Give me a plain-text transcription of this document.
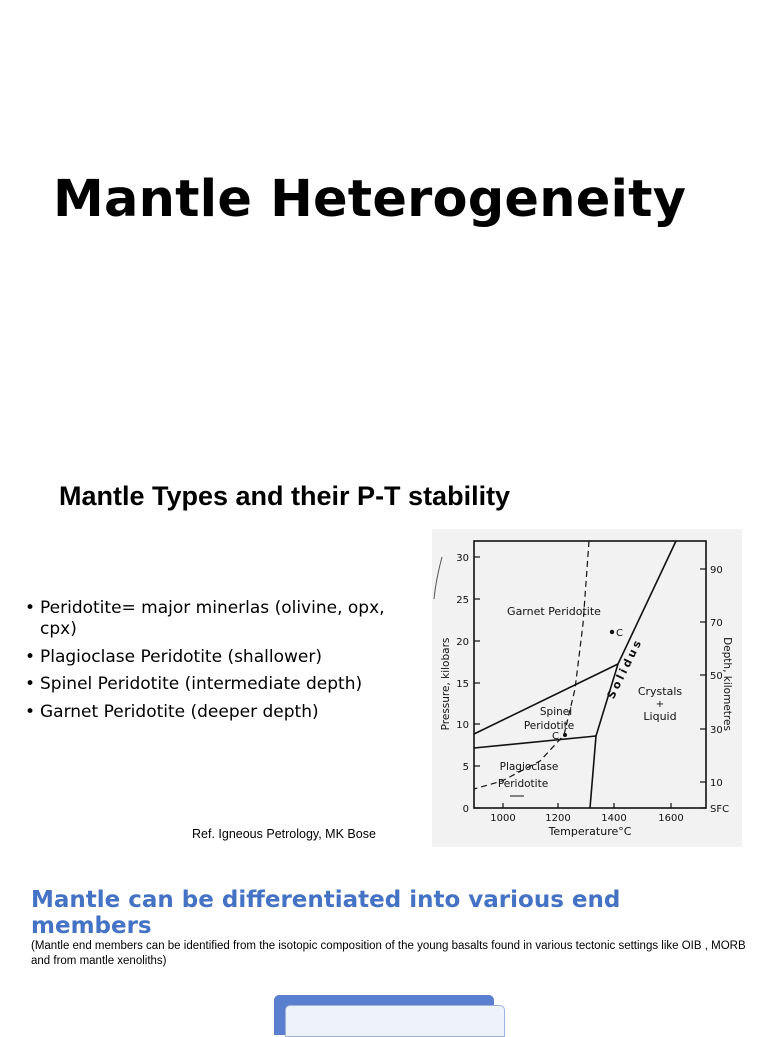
Mantle Heterogeneity
Mantle Types and their P-T stability
• Peridotite= major minerlas (olivine, opx, cpx)
• Plagioclase Peridotite (shallower)
• Spinel Peridotite (intermediate depth)
• Garnet Peridotite (deeper depth)
0
5
10
15
20
25
30
1000	1200	1400	1600
SFC
10
30
50
70
90
Temperature°C
Pressure, kilobars	Depth, kilometres
C
C
Garnet Peridotite
Spinel
Peridotite
Plagioclase
Peridotite
Crystals
+
Liquid
Solidus
Ref. Igneous Petrology, MK Bose
Mantle can be differentiated into various end members
(Mantle end members can be identified from the isotopic composition of the young basalts found in various tectonic settings like OIB , MORB and from mantle xenoliths)
